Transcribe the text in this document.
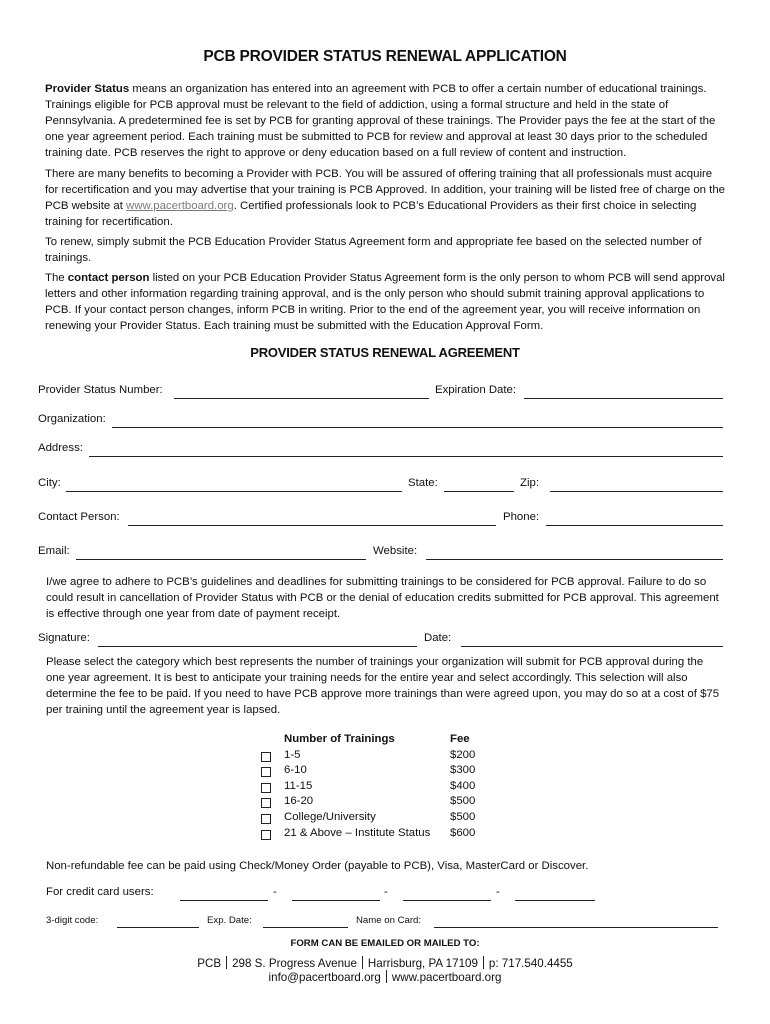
PCB PROVIDER STATUS RENEWAL APPLICATION
Provider Status means an organization has entered into an agreement with PCB to offer a certain number of educational trainings. Trainings eligible for PCB approval must be relevant to the field of addiction, using a formal structure and held in the state of Pennsylvania. A predetermined fee is set by PCB for granting approval of these trainings. The Provider pays the fee at the start of the one year agreement period. Each training must be submitted to PCB for review and approval at least 30 days prior to the scheduled training date. PCB reserves the right to approve or deny education based on a full review of content and instruction.
There are many benefits to becoming a Provider with PCB. You will be assured of offering training that all professionals must acquire for recertification and you may advertise that your training is PCB Approved. In addition, your training will be listed free of charge on the PCB website at www.pacertboard.org. Certified professionals look to PCB’s Educational Providers as their first choice in selecting training for recertification.
To renew, simply submit the PCB Education Provider Status Agreement form and appropriate fee based on the selected number of trainings.
The contact person listed on your PCB Education Provider Status Agreement form is the only person to whom PCB will send approval letters and other information regarding training approval, and is the only person who should submit training approval applications to PCB. If your contact person changes, inform PCB in writing. Prior to the end of the agreement year, you will receive information on renewing your Provider Status. Each training must be submitted with the Education Approval Form.
PROVIDER STATUS RENEWAL AGREEMENT
Provider Status Number:	Expiration Date:
Organization:
Address:
City:	State:	Zip:
Contact Person:	Phone:
Email:	Website:
I/we agree to adhere to PCB’s guidelines and deadlines for submitting trainings to be considered for PCB approval. Failure to do so could result in cancellation of Provider Status with PCB or the denial of education credits submitted for PCB approval. This agreement is effective through one year from date of payment receipt.
Signature:	Date:
Please select the category which best represents the number of trainings your organization will submit for PCB approval during the one year agreement. It is best to anticipate your training needs for the entire year and select accordingly. This selection will also determine the fee to be paid. If you need to have PCB approve more trainings than were agreed upon, you may do so at a cost of $75 per training until the agreement year is lapsed.
Number of Trainings	Fee
1-5	$200
6-10	$300
11-15	$400
16-20	$500
College/University	$500
21 & Above – Institute Status $600
Non-refundable fee can be paid using Check/Money Order (payable to PCB), Visa, MasterCard or Discover.
For credit card users:	-	-	-
3-digit code:	Exp. Date:	Name on Card:
FORM CAN BE EMAILED OR MAILED TO:
PCB 298 S. Progress Avenue Harrisburg, PA 17109 p: 717.540.4455
info@pacertboard.org www.pacertboard.org
